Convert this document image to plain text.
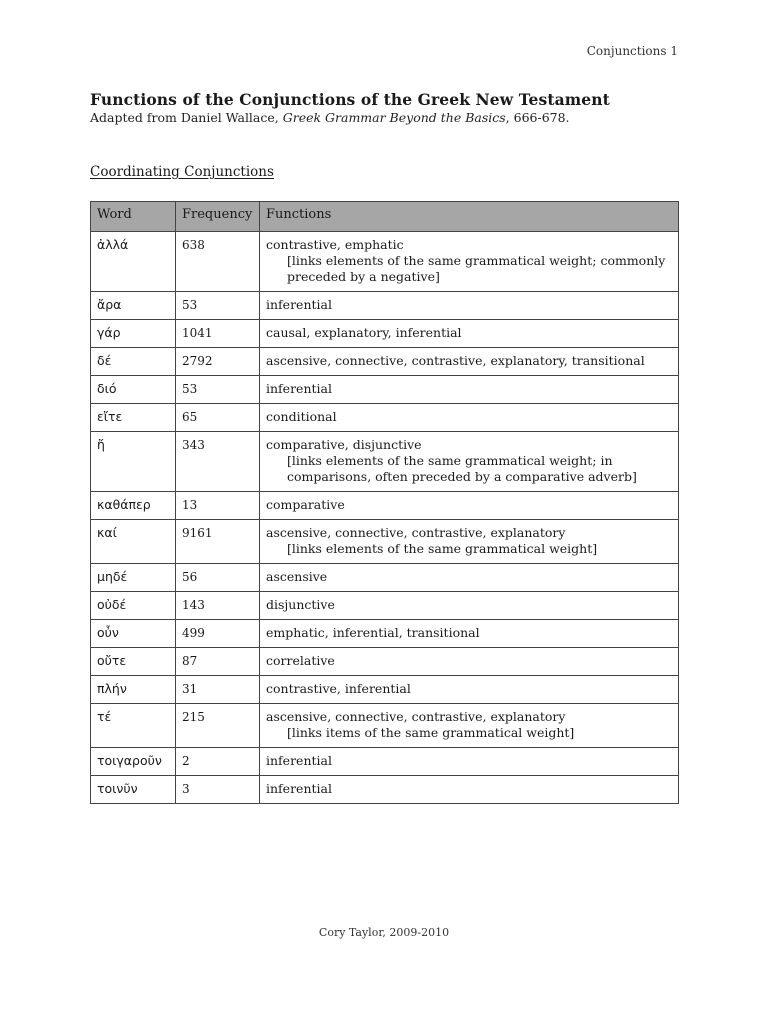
Conjunctions 1
Functions of the Conjunctions of the Greek New Testament
Adapted from Daniel Wallace, Greek Grammar Beyond the Basics, 666-678.
Coordinating Conjunctions
Word	Frequency	Functions
ἀλλά	638	contrastive, emphatic
[links elements of the same grammatical weight; commonly preceded by a negative]

ἄρα	53	inferential
γάρ	1041	causal, explanatory, inferential
δέ	2792	ascensive, connective, contrastive, explanatory, transitional
διό	53	inferential
εἴτε	65	conditional
ἤ	343	comparative, disjunctive
[links elements of the same grammatical weight; in comparisons, often preceded by a comparative adverb]

καθάπερ	13	comparative
καί	9161	ascensive, connective, contrastive, explanatory
[links elements of the same grammatical weight]

μηδέ	56	ascensive
οὐδέ	143	disjunctive
οὖν	499	emphatic, inferential, transitional
οὔτε	87	correlative
πλήν	31	contrastive, inferential
τέ	215	ascensive, connective, contrastive, explanatory
[links items of the same grammatical weight]

τοιγαροῦν	2	inferential
τοινῦν	3	inferential
Cory Taylor, 2009-2010
